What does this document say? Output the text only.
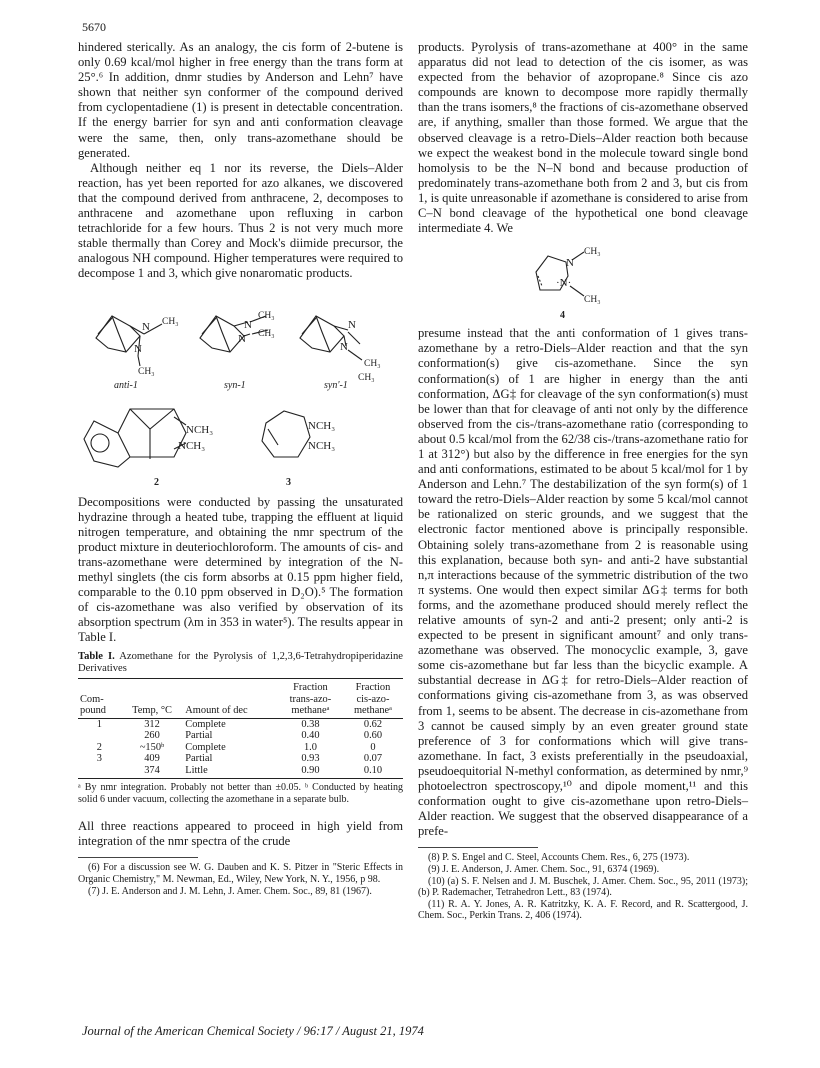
5670

hindered sterically. As an analogy, the cis form of 2-butene is only 0.69 kcal/mol higher in free energy than the trans form at 25°.⁶ In addition, dnmr studies by Anderson and Lehn⁷ have shown that neither syn conformer of the compound derived from cyclopentadiene (1) is present in detectable concentration. If the energy barrier for syn and anti conformation cleavage were the same, then, only trans-azomethane should be generated.

Although neither eq 1 nor its reverse, the Diels–Alder reaction, has yet been reported for azo alkanes, we discovered that the compound derived from anthracene, 2, decomposes to anthracene and azomethane upon refluxing in carbon tetrachloride for a few hours. Thus 2 is not very much more stable thermally than Corey and Mock's diimide precursor, the analogous NH compound. Higher temperatures were required to decompose 1 and 3, which give nonaromatic products.

N CH₃
N
CH₃
anti-1
N
CH₃
N CH₃
syn-1
N
CH₃
N
CH₃
syn'-1
NCH₃
NCH₃
2
NCH₃
NCH₃
3

Decompositions were conducted by passing the unsaturated hydrazine through a heated tube, trapping the effluent at liquid nitrogen temperature, and obtaining the nmr spectrum of the product mixture in deuteriochloroform. The amounts of cis- and trans-azomethane were determined by integration of the N-methyl singlets (the cis form absorbs at 0.15 ppm higher field, comparable to the 0.10 ppm observed in D₂O).⁵ The formation of cis-azomethane was also verified by observation of its absorption spectrum (λm in 353 in water⁵). The results appear in Table I.

Table I. Azomethane for the Pyrolysis of 1,2,3,6-Tetrahydropiperidazine Derivatives
Com-
pound	Temp, °C	Amount of dec	Fraction
trans-azo-
methaneᵃ	Fraction
cis-azo-
methaneᵃ
1	312	Complete	0.38	0.62
	260	Partial	0.40	0.60
2	~150ᵇ	Complete	1.0	0
3	409	Partial	0.93	0.07
	374	Little	0.90	0.10
ᵃ By nmr integration. Probably not better than ±0.05. ᵇ Conducted by heating solid 6 under vacuum, collecting the azomethane in a separate bulb.

All three reactions appeared to proceed in high yield from integration of the nmr spectra of the crude

(6) For a discussion see W. G. Dauben and K. S. Pitzer in "Steric Effects in Organic Chemistry," M. Newman, Ed., Wiley, New York, N. Y., 1956, p 98.
(7) J. E. Anderson and J. M. Lehn, J. Amer. Chem. Soc., 89, 81 (1967).

products. Pyrolysis of trans-azomethane at 400° in the same apparatus did not lead to detection of the cis isomer, as was expected from the behavior of azopropane.⁸ Since cis azo compounds are known to decompose more rapidly thermally than the trans isomers,⁸ the fractions of cis-azomethane observed are, if anything, smaller than those formed. We argue that the observed cleavage is a retro-Diels–Alder reaction both because we expect the weakest bond in the molecule toward single bond homolysis to be the N–N bond and because production of predominately trans-azomethane both from 2 and 3, but cis from 1, is quite unreasonable if azomethane is considered to arise from C–N bond cleavage of the hypothetical one bond cleavage intermediate 4. We

N
CH₃
·N·
CH₃
4

presume instead that the anti conformation of 1 gives trans-azomethane by a retro-Diels–Alder reaction and that the syn conformation(s) give cis-azomethane. Since the syn conformation(s) of 1 are higher in energy than the anti conformation, ΔG‡ for cleavage of the syn conformation(s) must be lower than that for cleavage of anti not only by the difference observed from the cis-/trans-azomethane ratio (corresponding to about 0.5 kcal/mol from the 62/38 cis-/trans-azomethane ratio for 1 at 312°) but also by the difference in free energies for the syn and anti conformations, estimated to be about 5 kcal/mol for 1 by Anderson and Lehn.⁷ The destabilization of the syn form(s) of 1 toward the retro-Diels–Alder reaction by some 5 kcal/mol cannot be rationalized on steric grounds, and we suggest that the electronic factor mentioned above is principally responsible. Obtaining solely trans-azomethane from 2 is reasonable using this explanation, because both syn- and anti-2 have substantial n,π interactions because of the symmetric distribution of the two π systems. One would then expect similar ΔG‡ terms for both forms, and the azomethane produced should merely reflect the relative amounts of syn-2 and anti-2 present; only anti-2 is expected to be present in significant amount⁷ and only trans-azomethane was observed. The monocyclic example, 3, gave some cis-azomethane but far less than the bicyclic example. A substantial decrease in ΔG‡ for retro-Diels–Alder reaction of conformations giving cis-azomethane from 3, as was observed from 1, seems to be absent. The decrease in cis-azomethane from 3 cannot be caused simply by an even greater ground state preference of 3 for conformations which will give trans-azomethane. In fact, 3 exists preferentially in the pseudoaxial, pseudoequitorial N-methyl conformation, as determined by nmr,⁹ photoelectron spectroscopy,¹⁰ and dipole moment,¹¹ and this conformation ought to give cis-azomethane upon retro-Diels–Alder reaction. We suggest that the observed disappearance of a prefe-

(8) P. S. Engel and C. Steel, Accounts Chem. Res., 6, 275 (1973).
(9) J. E. Anderson, J. Amer. Chem. Soc., 91, 6374 (1969).
(10) (a) S. F. Nelsen and J. M. Buschek, J. Amer. Chem. Soc., 95, 2011 (1973); (b) P. Rademacher, Tetrahedron Lett., 83 (1974).
(11) R. A. Y. Jones, A. R. Katritzky, K. A. F. Record, and R. Scattergood, J. Chem. Soc., Perkin Trans. 2, 406 (1974).
Journal of the American Chemical Society / 96:17 / August 21, 1974
